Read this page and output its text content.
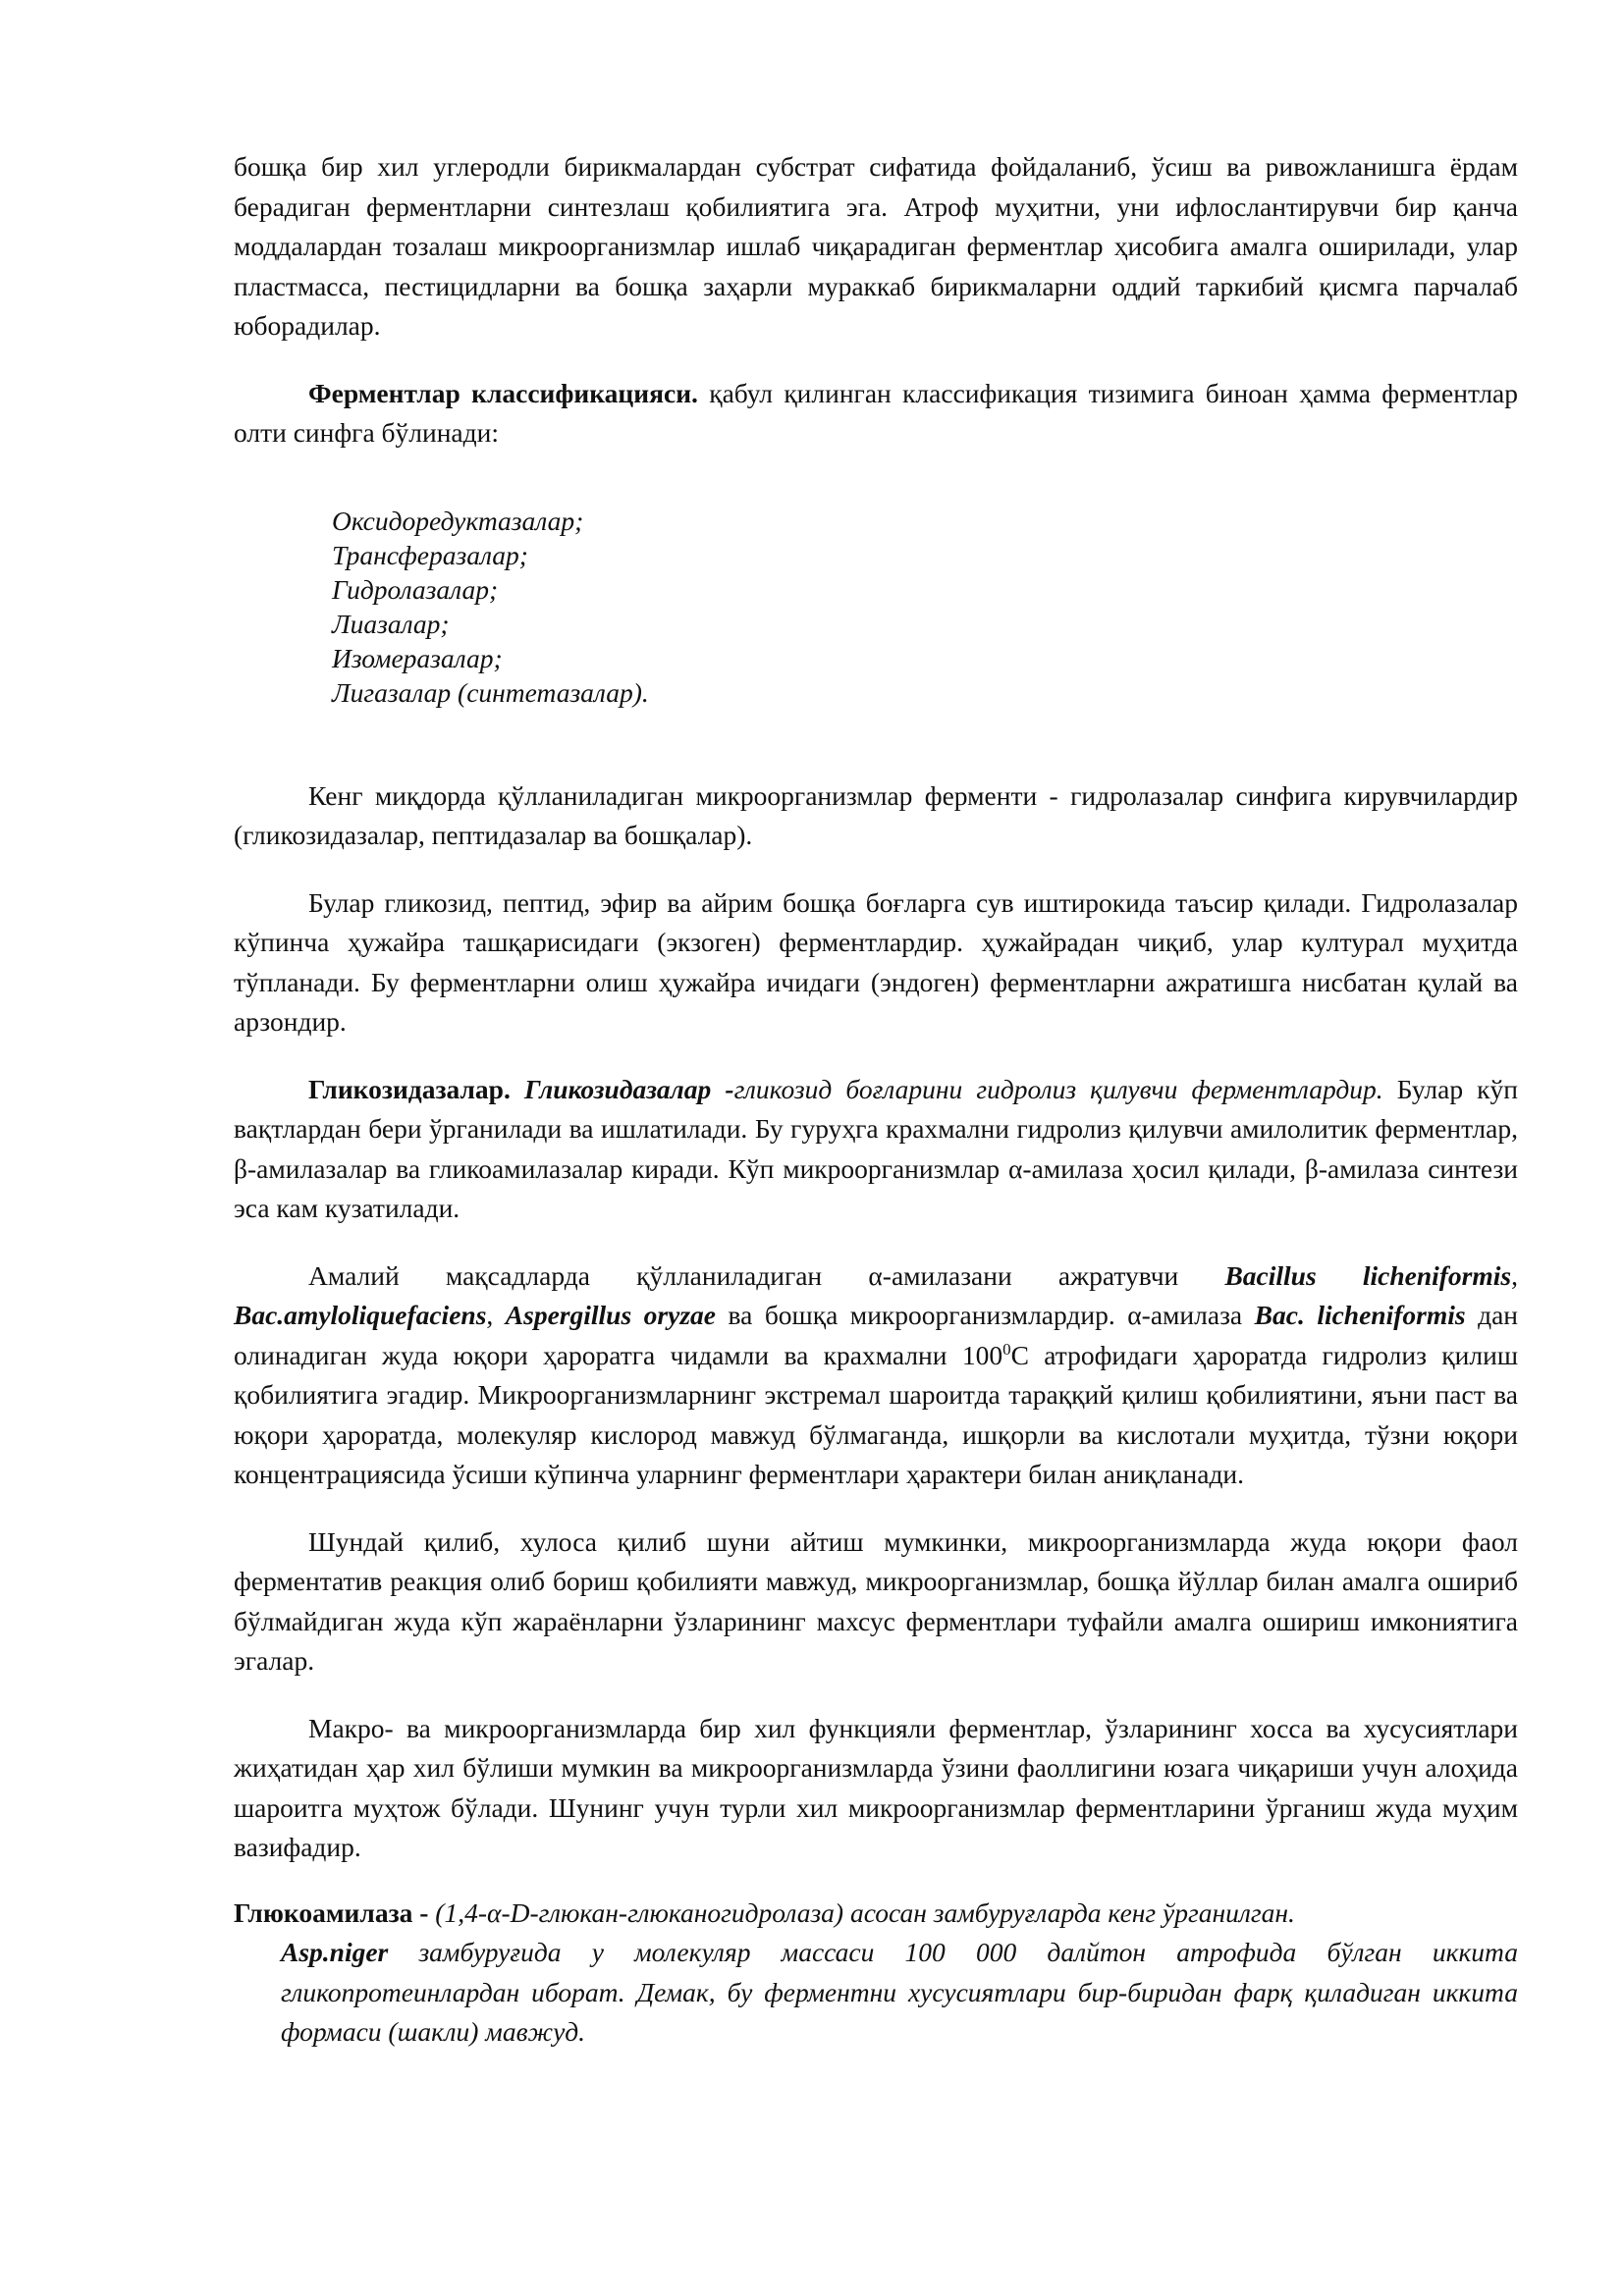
бошқа бир хил углеродли бирикмалардан субстрат сифатида фойдаланиб, ўсиш ва ривожланишга ёрдам берадиган ферментларни синтезлаш қобилиятига эга. Атроф муҳитни, уни ифлослантирувчи бир қанча моддалардан тозалаш микроорганизмлар ишлаб чиқарадиган ферментлар ҳисобига амалга оширилади, улар пластмасса, пестицидларни ва бошқа заҳарли мураккаб бирикмаларни оддий таркибий қисмга парчалаб юборадилар.

Ферментлар классификацияси. қабул қилинган классификация тизимига биноан ҳамма ферментлар олти синфга бўлинади:

Оксидоредуктазалар;
Трансферазалар;
Гидролазалар;
Лиазалар;
Изомеразалар;
Лигазалар (синтетазалар).

Кенг миқдорда қўлланиладиган микроорганизмлар ферменти - гидролазалар синфига кирувчилардир (гликозидазалар, пептидазалар ва бошқалар).

Булар гликозид, пептид, эфир ва айрим бошқа боғларга сув иштирокида таъсир қилади. Гидролазалар кўпинча ҳужайра ташқарисидаги (экзоген) ферментлардир. ҳужайрадан чиқиб, улар културал муҳитда тўпланади. Бу ферментларни олиш ҳужайра ичидаги (эндоген) ферментларни ажратишга нисбатан қулай ва арзондир.

Гликозидазалар. Гликозидазалар -гликозид боғларини гидролиз қилувчи ферментлардир. Булар кўп вақтлардан бери ўрганилади ва ишлатилади. Бу гуруҳга крахмални гидролиз қилувчи амилолитик ферментлар, β-амилазалар ва гликоамилазалар киради. Кўп микроорганизмлар α-амилаза ҳосил қилади, β-амилаза синтези эса кам кузатилади.

Амалий мақсадларда қўлланиладиган α-амилазани ажратувчи Bacillus licheniformis, Bac.amyloliquefaciens, Aspergillus oryzae ва бошқа микроорганизмлардир. α-амилаза Bac. licheniformis дан олинадиган жуда юқори ҳароратга чидамли ва крахмални $100^0С$ атрофидаги ҳароратда гидролиз қилиш қобилиятига эгадир. Микроорганизмларнинг экстремал шароитда тараққий қилиш қобилиятини, яъни паст ва юқори ҳароратда, молекуляр кислород мавжуд бўлмаганда, ишқорли ва кислотали муҳитда, тўзни юқори концентрациясида ўсиши кўпинча уларнинг ферментлари ҳарактери билан аниқланади.

Шундай қилиб, хулоса қилиб шуни айтиш мумкинки, микроорганизмларда жуда юқори фаол ферментатив реакция олиб бориш қобилияти мавжуд, микроорганизмлар, бошқа йўллар билан амалга ошириб бўлмайдиган жуда кўп жараёнларни ўзларининг махсус ферментлари туфайли амалга ошириш имкониятига эгалар.

Макро- ва микроорганизмларда бир хил функцияли ферментлар, ўзларининг хосса ва хусусиятлари жиҳатидан ҳар хил бўлиши мумкин ва микроорганизмларда ўзини фаоллигини юзага чиқариши учун алоҳида шароитга муҳтож бўлади. Шунинг учун турли хил микроорганизмлар ферментларини ўрганиш жуда муҳим вазифадир.

Глюкоамилаза - (1,4-α-D-глюкан-глюканогидролаза) асосан замбуруғларда кенг ўрганилган.
Asp.niger замбуруғида у молекуляр массаси 100 000 далйтон атрофида бўлган иккита гликопротеинлардан иборат. Демак, бу ферментни хусусиятлари бир-биридан фарқ қиладиган иккита формаси (шакли) мавжуд.
